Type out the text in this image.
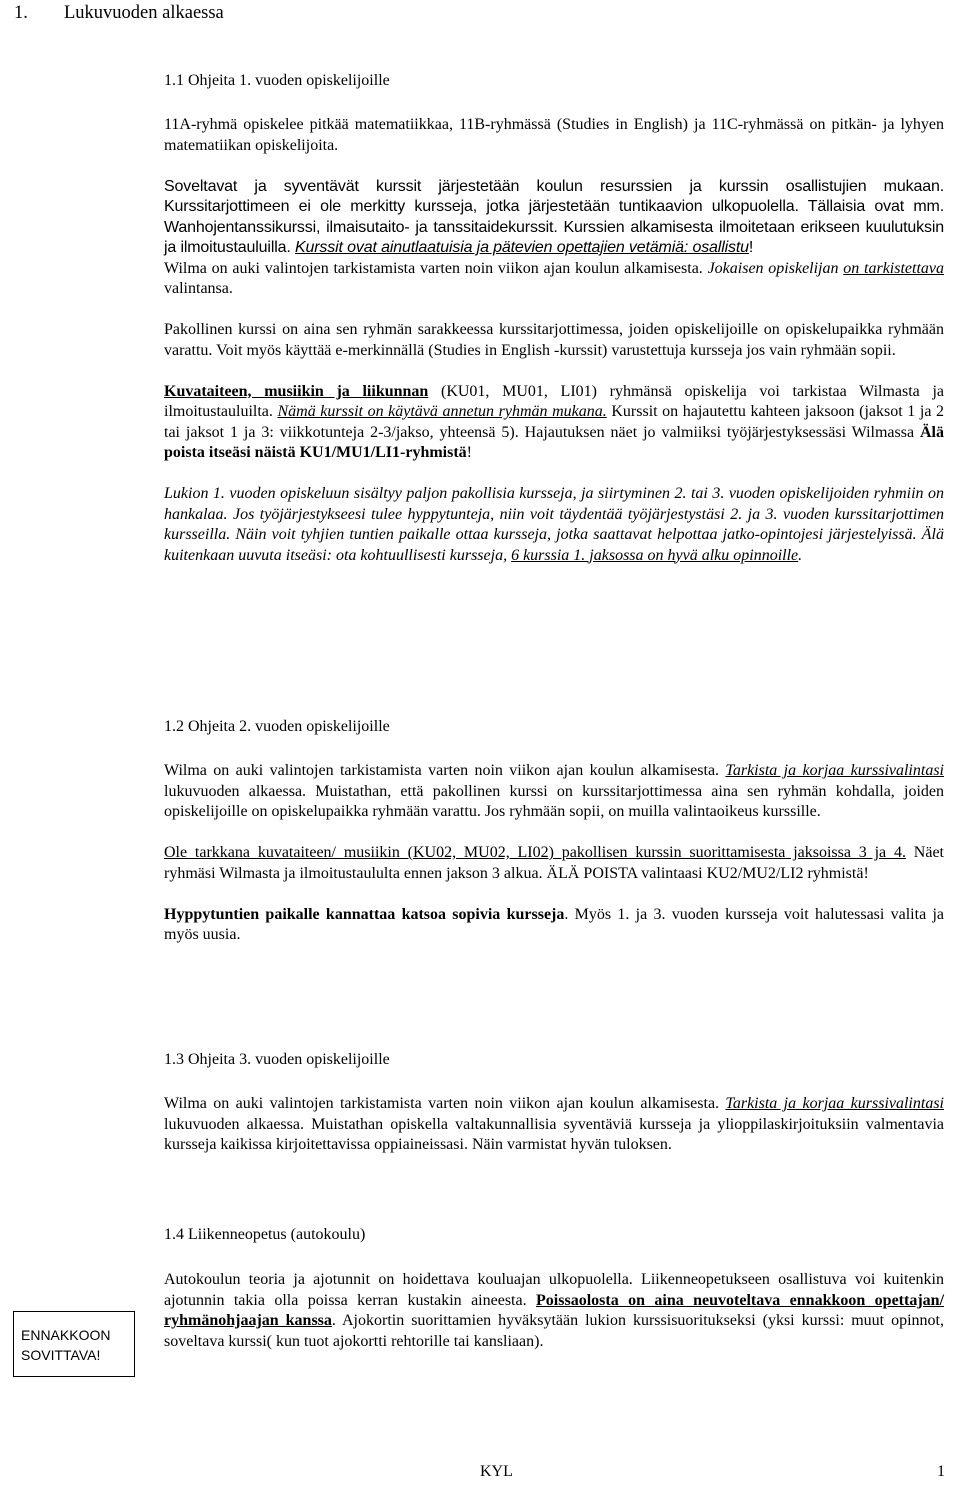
1. Lukuvuoden alkaessa
1.1 Ohjeita 1. vuoden opiskelijoille

11A-ryhmä opiskelee pitkää matematiikkaa, 11B-ryhmässä (Studies in English) ja 11C-ryhmässä on pitkän- ja lyhyen matematiikan opiskelijoita.

Soveltavat ja syventävät kurssit järjestetään koulun resurssien ja kurssin osallistujien mukaan. Kurssitarjottimeen ei ole merkitty kursseja, jotka järjestetään tuntikaavion ulkopuolella. Tällaisia ovat mm. Wanhojentanssikurssi, ilmaisutaito- ja tanssitaidekurssit. Kurssien alkamisesta ilmoitetaan erikseen kuulutuksin ja ilmoitustauluilla. Kurssit ovat ainutlaatuisia ja pätevien opettajien vetämiä: osallistu!

Wilma on auki valintojen tarkistamista varten noin viikon ajan koulun alkamisesta. Jokaisen opiskelijan on tarkistettava valintansa.

Pakollinen kurssi on aina sen ryhmän sarakkeessa kurssitarjottimessa, joiden opiskelijoille on opiskelupaikka ryhmään varattu. Voit myös käyttää e-merkinnällä (Studies in English -kurssit) varustettuja kursseja jos vain ryhmään sopii.

Kuvataiteen, musiikin ja liikunnan (KU01, MU01, LI01) ryhmänsä opiskelija voi tarkistaa Wilmasta ja ilmoitustauluilta. Nämä kurssit on käytävä annetun ryhmän mukana. Kurssit on hajautettu kahteen jaksoon (jaksot 1 ja 2 tai jaksot 1 ja 3: viikkotunteja 2-3/jakso, yhteensä 5). Hajautuksen näet jo valmiiksi työjärjestyksessäsi Wilmassa Älä poista itseäsi näistä KU1/MU1/LI1-ryhmistä!

Lukion 1. vuoden opiskeluun sisältyy paljon pakollisia kursseja, ja siirtyminen 2. tai 3. vuoden opiskelijoiden ryhmiin on hankalaa. Jos työjärjestykseesi tulee hyppytunteja, niin voit täydentää työjärjestystäsi 2. ja 3. vuoden kurssitarjottimen kursseilla. Näin voit tyhjien tuntien paikalle ottaa kursseja, jotka saattavat helpottaa jatko-opintojesi järjestelyissä. Älä kuitenkaan uuvuta itseäsi: ota kohtuullisesti kursseja, 6 kurssia 1. jaksossa on hyvä alku opinnoille.

1.2 Ohjeita 2. vuoden opiskelijoille

Wilma on auki valintojen tarkistamista varten noin viikon ajan koulun alkamisesta. Tarkista ja korjaa kurssivalintasi lukuvuoden alkaessa. Muistathan, että pakollinen kurssi on kurssitarjottimessa aina sen ryhmän kohdalla, joiden opiskelijoille on opiskelupaikka ryhmään varattu. Jos ryhmään sopii, on muilla valintaoikeus kurssille.

Ole tarkkana kuvataiteen/ musiikin (KU02, MU02, LI02) pakollisen kurssin suorittamisesta jaksoissa 3 ja 4. Näet ryhmäsi Wilmasta ja ilmoitustaululta ennen jakson 3 alkua. ÄLÄ POISTA valintaasi KU2/MU2/LI2 ryhmistä!

Hyppytuntien paikalle kannattaa katsoa sopivia kursseja. Myös 1. ja 3. vuoden kursseja voit halutessasi valita ja myös uusia.

1.3 Ohjeita 3. vuoden opiskelijoille

Wilma on auki valintojen tarkistamista varten noin viikon ajan koulun alkamisesta. Tarkista ja korjaa kurssivalintasi lukuvuoden alkaessa. Muistathan opiskella valtakunnallisia syventäviä kursseja ja ylioppilaskirjoituksiin valmentavia kursseja kaikissa kirjoitettavissa oppiaineissasi. Näin varmistat hyvän tuloksen.

1.4 Liikenneopetus (autokoulu)

Autokoulun teoria ja ajotunnit on hoidettava kouluajan ulkopuolella. Liikenneopetukseen osallistuva voi kuitenkin ajotunnin takia olla poissa kerran kustakin aineesta. Poissaolosta on aina neuvoteltava ennakkoon opettajan/ ryhmänohjaajan kanssa. Ajokortin suorittamien hyväksytään lukion kurssisuoritukseksi (yksi kurssi: muut opinnot, soveltava kurssi( kun tuot ajokortti rehtorille tai kansliaan).

ENNAKKOON
SOVITTAVA!
KYL	1
